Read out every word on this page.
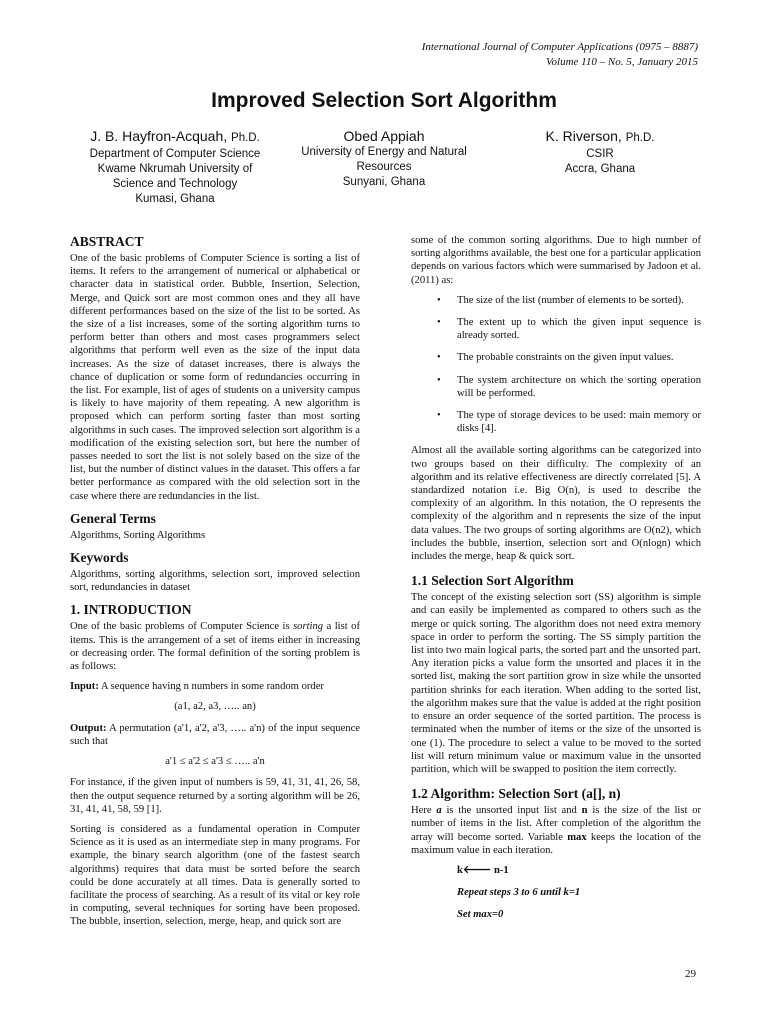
International Journal of Computer Applications (0975 – 8887)
Volume 110 – No. 5, January 2015
Improved Selection Sort Algorithm
J. B. Hayfron-Acquah, Ph.D.
Department of Computer Science
Kwame Nkrumah University of
Science and Technology
Kumasi, Ghana
Obed Appiah
University of Energy and Natural
Resources
Sunyani, Ghana
K. Riverson, Ph.D.
CSIR
Accra, Ghana
ABSTRACT

One of the basic problems of Computer Science is sorting a list of items. It refers to the arrangement of numerical or alphabetical or character data in statistical order. Bubble, Insertion, Selection, Merge, and Quick sort are most common ones and they all have different performances based on the size of the list to be sorted. As the size of a list increases, some of the sorting algorithm turns to perform better than others and most cases programmers select algorithms that perform well even as the size of the input data increases. As the size of dataset increases, there is always the chance of duplication or some form of redundancies occurring in the list. For example, list of ages of students on a university campus is likely to have majority of them repeating. A new algorithm is proposed which can perform sorting faster than most sorting algorithms in such cases. The improved selection sort algorithm is a modification of the existing selection sort, but here the number of passes needed to sort the list is not solely based on the size of the list, but the number of distinct values in the dataset. This offers a far better performance as compared with the old selection sort in the case where there are redundancies in the list.

General Terms

Algorithms, Sorting Algorithms

Keywords

Algorithms, sorting algorithms, selection sort, improved selection sort, redundancies in dataset

1. INTRODUCTION

One of the basic problems of Computer Science is sorting a list of items. This is the arrangement of a set of items either in increasing or decreasing order. The formal definition of the sorting problem is as follows:

Input: A sequence having n numbers in some random order

(a1, a2, a3, ….. an)

Output: A permutation (a'1, a'2, a'3, ….. a'n) of the input sequence such that

a'1 ≤ a'2 ≤ a'3 ≤ ….. a'n

For instance, if the given input of numbers is 59, 41, 31, 41, 26, 58, then the output sequence returned by a sorting algorithm will be 26, 31, 41, 41, 58, 59 [1].

Sorting is considered as a fundamental operation in Computer Science as it is used as an intermediate step in many programs. For example, the binary search algorithm (one of the fastest search algorithms) requires that data must be sorted before the search could be done accurately at all times. Data is generally sorted to facilitate the process of searching. As a result of its vital or key role in computing, several techniques for sorting have been proposed. The bubble, insertion, selection, merge, heap, and quick sort are

some of the common sorting algorithms. Due to high number of sorting algorithms available, the best one for a particular application depends on various factors which were summarised by Jadoon et al. (2011) as:

• The size of the list (number of elements to be sorted).
• The extent up to which the given input sequence is already sorted.
• The probable constraints on the given input values.
• The system architecture on which the sorting operation will be performed.
• The type of storage devices to be used: main memory or disks [4].

Almost all the available sorting algorithms can be categorized into two groups based on their difficulty. The complexity of an algorithm and its relative effectiveness are directly correlated [5]. A standardized notation i.e. Big O(n), is used to describe the complexity of an algorithm. In this notation, the O represents the complexity of the algorithm and n represents the size of the input data values. The two groups of sorting algorithms are O(n2), which includes the bubble, insertion, selection sort and O(nlogn) which includes the merge, heap & quick sort.

1.1 Selection Sort Algorithm

The concept of the existing selection sort (SS) algorithm is simple and can easily be implemented as compared to others such as the merge or quick sorting. The algorithm does not need extra memory space in order to perform the sorting. The SS simply partition the list into two main logical parts, the sorted part and the unsorted part. Any iteration picks a value form the unsorted and places it in the sorted list, making the sort partition grow in size while the unsorted partition shrinks for each iteration. When adding to the sorted list, the algorithm makes sure that the value is added at the right position to ensure an order sequence of the sorted partition. The process is terminated when the number of items or the size of the unsorted is one (1). The procedure to select a value to be moved to the sorted list will return minimum value or maximum value in the unsorted partition, which will be swapped to position the item correctly.

1.2 Algorithm: Selection Sort (a[], n)

Here a is the unsorted input list and n is the size of the list or number of items in the list. After completion of the algorithm the array will become sorted. Variable max keeps the location of the maximum value in each iteration.

k🡐 n-1
Repeat steps 3 to 6 until k=1
Set max=0
29
